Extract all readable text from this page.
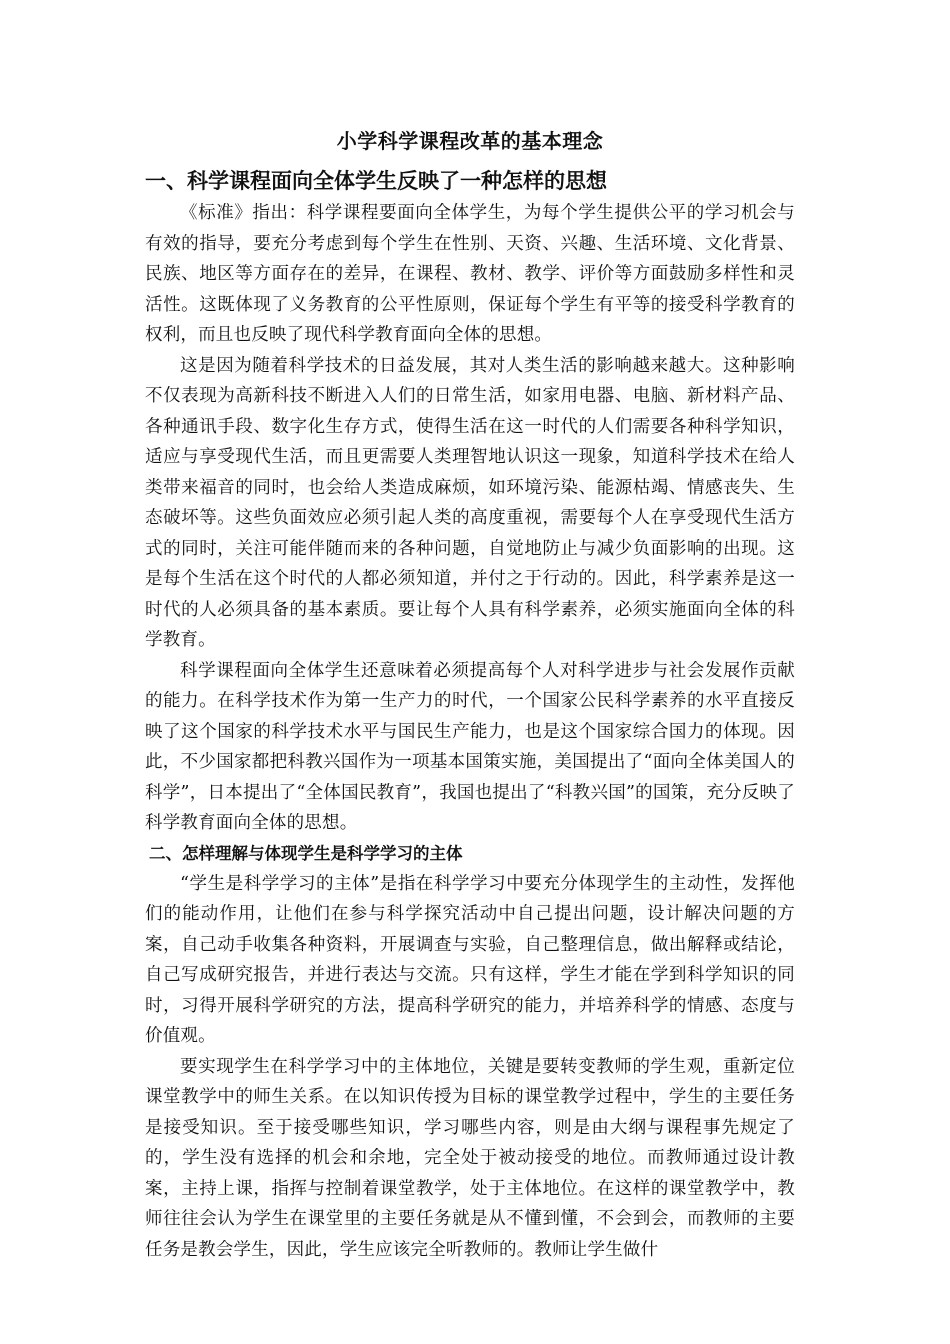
小学科学课程改革的基本理念
一、科学课程面向全体学生反映了一种怎样的思想

《标准》指出：科学课程要面向全体学生，为每个学生提供公平的学习机会与有效的指导，要充分考虑到每个学生在性别、天资、兴趣、生活环境、文化背景、民族、地区等方面存在的差异，在课程、教材、教学、评价等方面鼓励多样性和灵活性。这既体现了义务教育的公平性原则，保证每个学生有平等的接受科学教育的权利，而且也反映了现代科学教育面向全体的思想。

这是因为随着科学技术的日益发展，其对人类生活的影响越来越大。这种影响不仅表现为高新科技不断进入人们的日常生活，如家用电器、电脑、新材料产品、各种通讯手段、数字化生存方式，使得生活在这一时代的人们需要各种科学知识，适应与享受现代生活，而且更需要人类理智地认识这一现象，知道科学技术在给人类带来福音的同时，也会给人类造成麻烦，如环境污染、能源枯竭、情感丧失、生态破坏等。这些负面效应必须引起人类的高度重视，需要每个人在享受现代生活方式的同时，关注可能伴随而来的各种问题，自觉地防止与减少负面影响的出现。这是每个生活在这个时代的人都必须知道，并付之于行动的。因此，科学素养是这一时代的人必须具备的基本素质。要让每个人具有科学素养，必须实施面向全体的科学教育。

科学课程面向全体学生还意味着必须提高每个人对科学进步与社会发展作贡献的能力。在科学技术作为第一生产力的时代，一个国家公民科学素养的水平直接反映了这个国家的科学技术水平与国民生产能力，也是这个国家综合国力的体现。因此，不少国家都把科教兴国作为一项基本国策实施，美国提出了“面向全体美国人的科学”，日本提出了“全体国民教育”，我国也提出了“科教兴国”的国策，充分反映了科学教育面向全体的思想。

二、怎样理解与体现学生是科学学习的主体

“学生是科学学习的主体”是指在科学学习中要充分体现学生的主动性，发挥他们的能动作用，让他们在参与科学探究活动中自己提出问题，设计解决问题的方案，自己动手收集各种资料，开展调查与实验，自己整理信息，做出解释或结论，自己写成研究报告，并进行表达与交流。只有这样，学生才能在学到科学知识的同时，习得开展科学研究的方法，提高科学研究的能力，并培养科学的情感、态度与价值观。

要实现学生在科学学习中的主体地位，关键是要转变教师的学生观，重新定位课堂教学中的师生关系。在以知识传授为目标的课堂教学过程中，学生的主要任务是接受知识。至于接受哪些知识，学习哪些内容，则是由大纲与课程事先规定了的，学生没有选择的机会和余地，完全处于被动接受的地位。而教师通过设计教案，主持上课，指挥与控制着课堂教学，处于主体地位。在这样的课堂教学中，教师往往会认为学生在课堂里的主要任务就是从不懂到懂，不会到会，而教师的主要任务是教会学生，因此，学生应该完全听教师的。教师让学生做什
